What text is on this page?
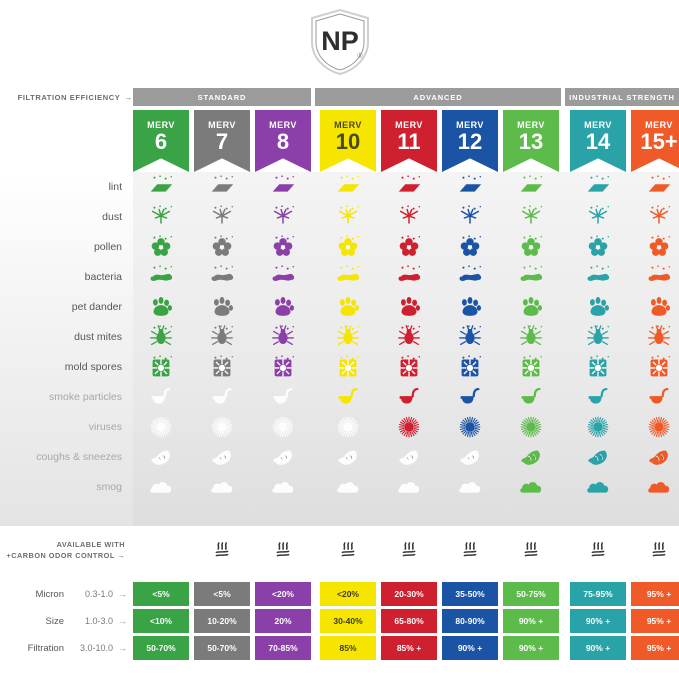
NP
®
FILTRATION EFFICIENCY →	STANDARD	ADVANCED	INDUSTRIAL STRENGTH
MERV
6
MERV
7
MERV
8
MERV
10
MERV
11
MERV
12
MERV
13
MERV
14
MERV
15+
lint
dust
pollen
bacteria
pet dander
dust mites
mold spores
smoke particles
viruses
coughs & sneezes
smog
AVAILABLE WITH
+CARBON ODOR CONTROL →
Micron	0.3-1.0 →	<5%	<5%	<20%	<20%	20-30%	35-50%	50-75%	75-95%	95% +
Size	1.0-3.0 →	<10%	10-20%	20%	30-40%	65-80%	80-90%	90% +	90% +	95% +
Filtration	3.0-10.0 →	50-70%	50-70%	70-85%	85%	85% +	90% +	90% +	90% +	95% +
